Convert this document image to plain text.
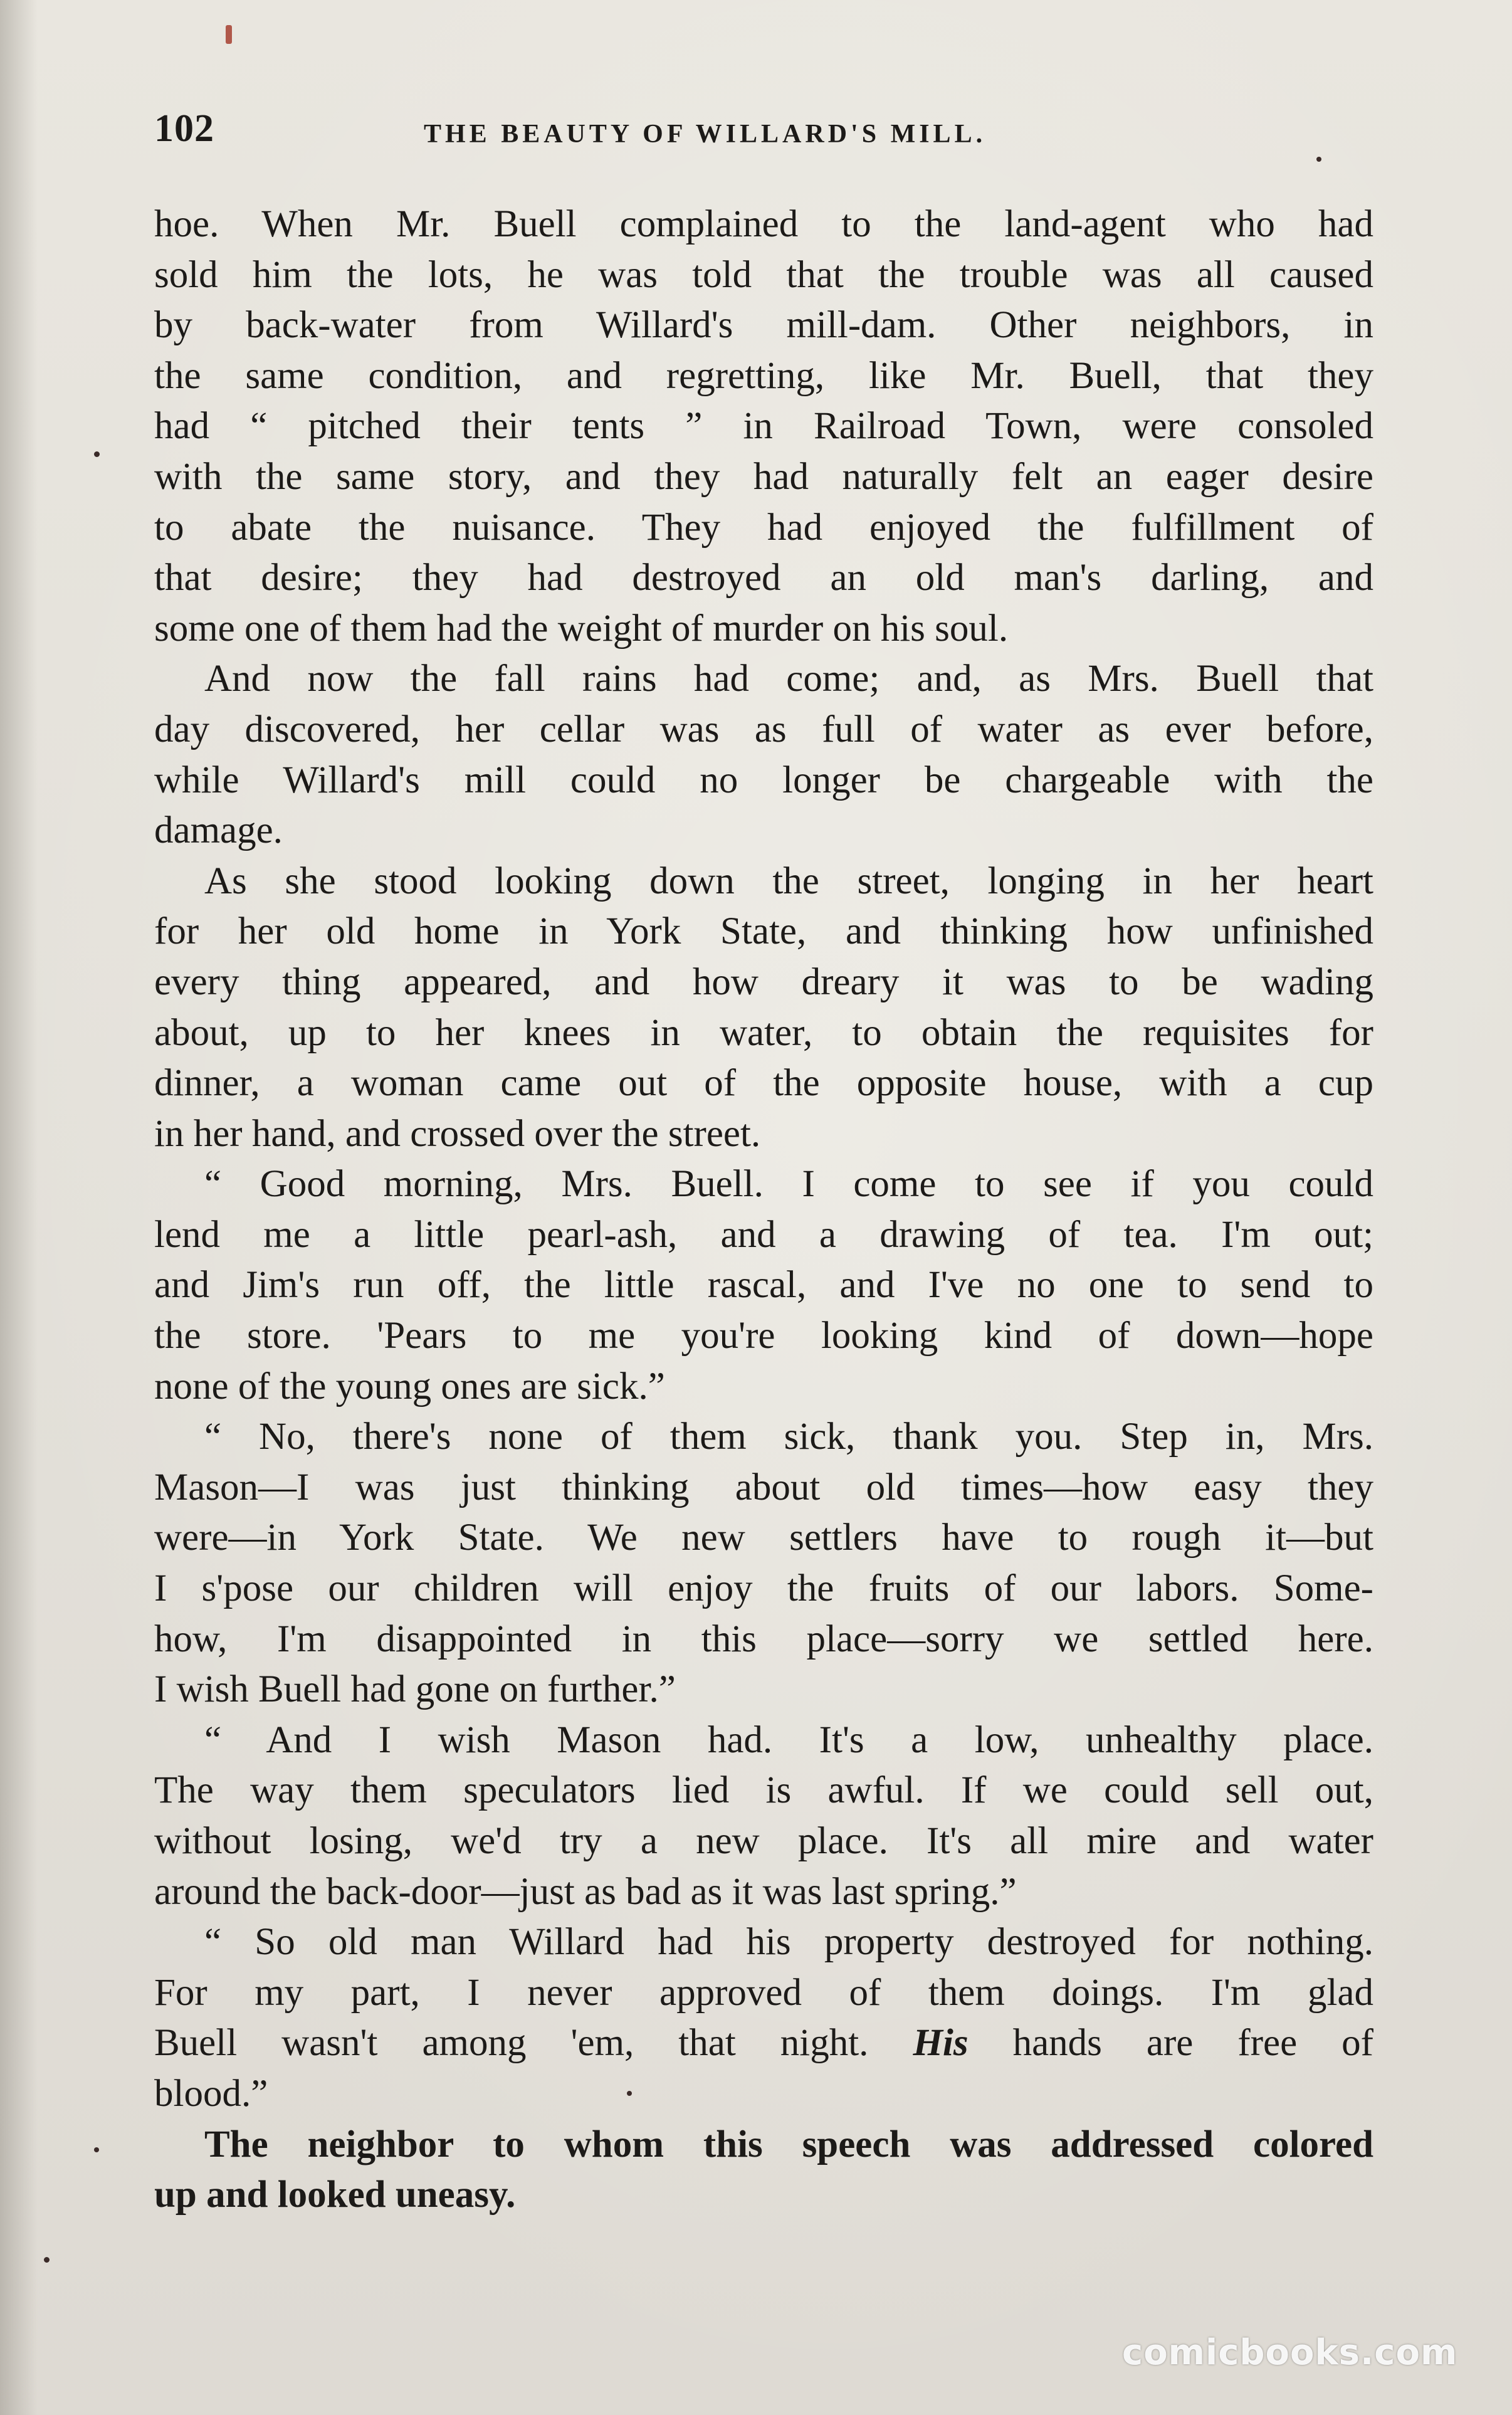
102	THE BEAUTY OF WILLARD'S MILL.
hoe. When Mr. Buell complained to the land-agent who had
sold him the lots, he was told that the trouble was all caused
by back-water from Willard's mill-dam. Other neighbors, in
the same condition, and regretting, like Mr. Buell, that they
had “ pitched their tents ” in Railroad Town, were consoled
with the same story, and they had naturally felt an eager desire
to abate the nuisance. They had enjoyed the fulfillment of
that desire; they had destroyed an old man's darling, and
some one of them had the weight of murder on his soul.
And now the fall rains had come; and, as Mrs. Buell that
day discovered, her cellar was as full of water as ever before,
while Willard's mill could no longer be chargeable with the
damage.
As she stood looking down the street, longing in her heart
for her old home in York State, and thinking how unfinished
every thing appeared, and how dreary it was to be wading
about, up to her knees in water, to obtain the requisites for
dinner, a woman came out of the opposite house, with a cup
in her hand, and crossed over the street.
“ Good morning, Mrs. Buell. I come to see if you could
lend me a little pearl-ash, and a drawing of tea. I'm out;
and Jim's run off, the little rascal, and I've no one to send to
the store. 'Pears to me you're looking kind of down—hope
none of the young ones are sick.”
“ No, there's none of them sick, thank you. Step in, Mrs.
Mason—I was just thinking about old times—how easy they
were—in York State. We new settlers have to rough it—but
I s'pose our children will enjoy the fruits of our labors. Some-
how, I'm disappointed in this place—sorry we settled here.
I wish Buell had gone on further.”
“ And I wish Mason had. It's a low, unhealthy place.
The way them speculators lied is awful. If we could sell out,
without losing, we'd try a new place. It's all mire and water
around the back-door—just as bad as it was last spring.”
“ So old man Willard had his property destroyed for nothing.
For my part, I never approved of them doings. I'm glad
Buell wasn't among 'em, that night. His hands are free of
blood.”
The neighbor to whom this speech was addressed colored
up and looked uneasy.
comicbooks.com
